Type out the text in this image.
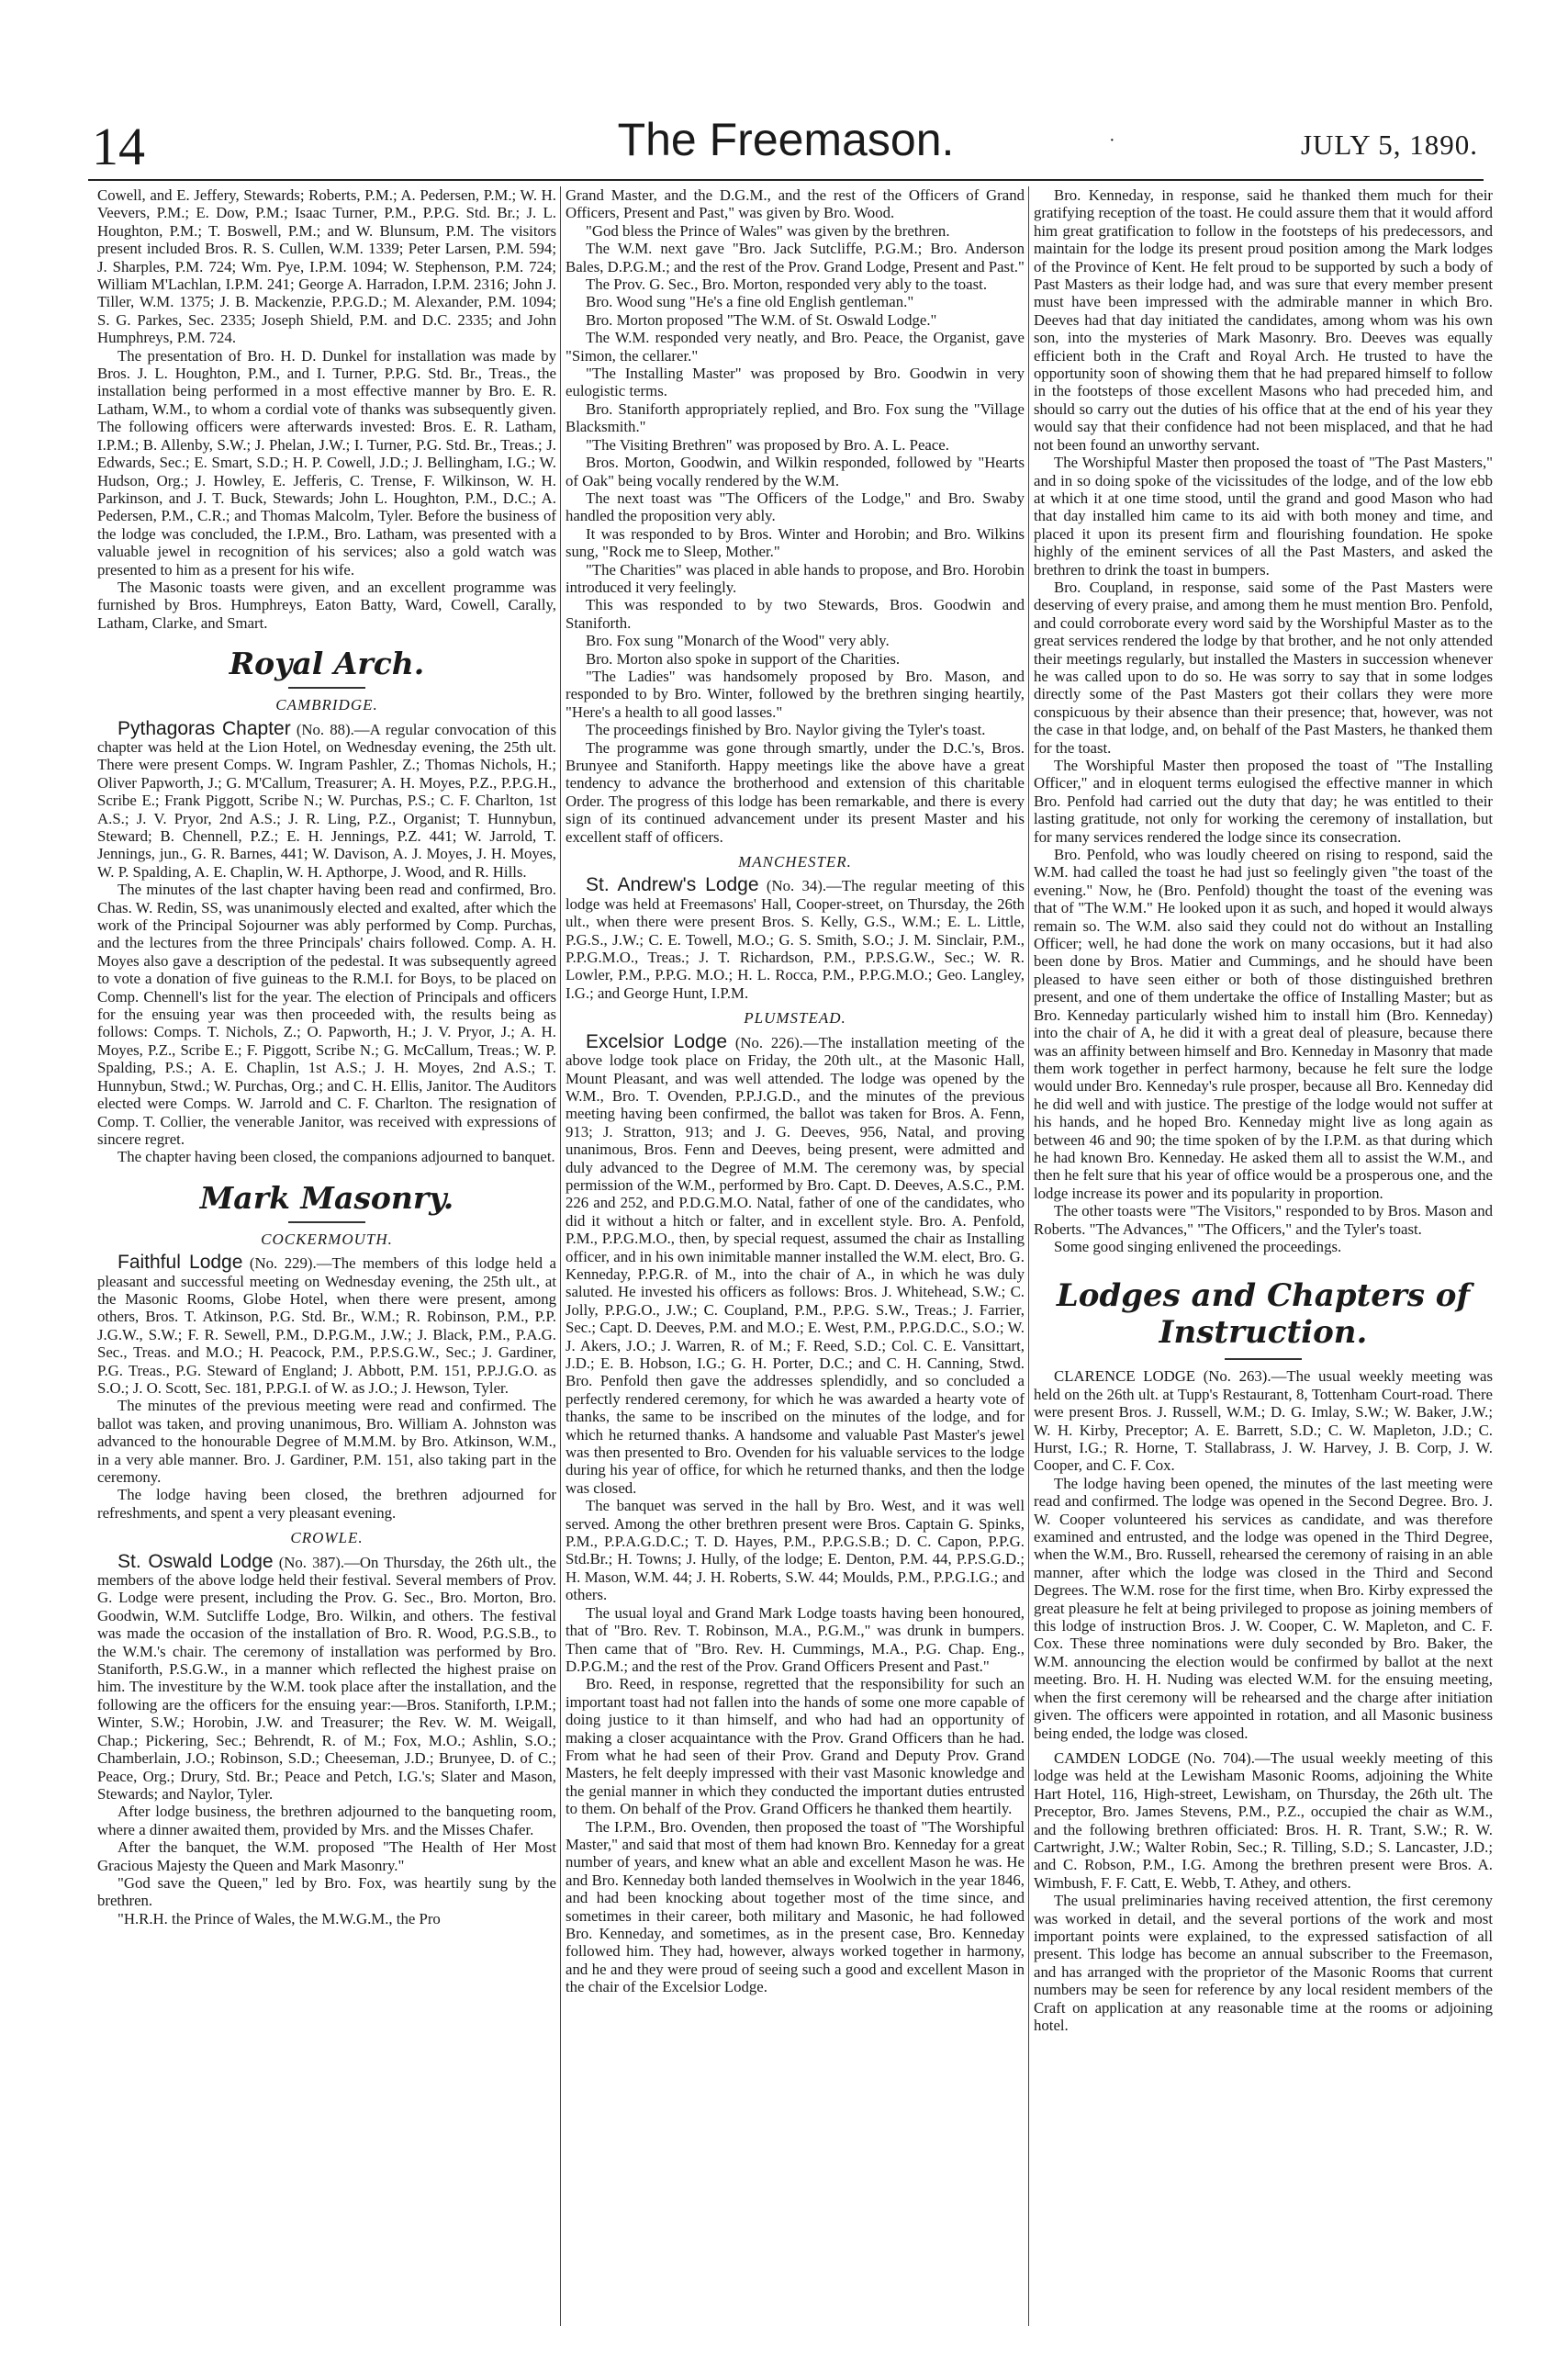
14	The Freemason.	·	JULY 5, 1890.

Cowell, and E. Jeffery, Stewards; Roberts, P.M.; A. Pedersen, P.M.; W. H. Veevers, P.M.; E. Dow, P.M.; Isaac Turner, P.M., P.P.G. Std. Br.; J. L. Houghton, P.M.; T. Boswell, P.M.; and W. Blunsum, P.M. The visitors present included Bros. R. S. Cullen, W.M. 1339; Peter Larsen, P.M. 594; J. Sharples, P.M. 724; Wm. Pye, I.P.M. 1094; W. Stephenson, P.M. 724; William M'Lachlan, I.P.M. 241; George A. Harradon, I.P.M. 2316; John J. Tiller, W.M. 1375; J. B. Mackenzie, P.P.G.D.; M. Alexander, P.M. 1094; S. G. Parkes, Sec. 2335; Joseph Shield, P.M. and D.C. 2335; and John Humphreys, P.M. 724.

The presentation of Bro. H. D. Dunkel for installation was made by Bros. J. L. Houghton, P.M., and I. Turner, P.P.G. Std. Br., Treas., the installation being performed in a most effective manner by Bro. E. R. Latham, W.M., to whom a cordial vote of thanks was subsequently given. The following officers were afterwards invested: Bros. E. R. Latham, I.P.M.; B. Allenby, S.W.; J. Phelan, J.W.; I. Turner, P.G. Std. Br., Treas.; J. Edwards, Sec.; E. Smart, S.D.; H. P. Cowell, J.D.; J. Bellingham, I.G.; W. Hudson, Org.; J. Howley, E. Jefferis, C. Trense, F. Wilkinson, W. H. Parkinson, and J. T. Buck, Stewards; John L. Houghton, P.M., D.C.; A. Pedersen, P.M., C.R.; and Thomas Malcolm, Tyler. Before the business of the lodge was concluded, the I.P.M., Bro. Latham, was presented with a valuable jewel in recognition of his services; also a gold watch was presented to him as a present for his wife.

The Masonic toasts were given, and an excellent programme was furnished by Bros. Humphreys, Eaton Batty, Ward, Cowell, Carally, Latham, Clarke, and Smart.

Royal Arch.
CAMBRIDGE.

Pythagoras Chapter (No. 88).—A regular convocation of this chapter was held at the Lion Hotel, on Wednesday evening, the 25th ult. There were present Comps. W. Ingram Pashler, Z.; Thomas Nichols, H.; Oliver Papworth, J.; G. M'Callum, Treasurer; A. H. Moyes, P.Z., P.P.G.H., Scribe E.; Frank Piggott, Scribe N.; W. Purchas, P.S.; C. F. Charlton, 1st A.S.; J. V. Pryor, 2nd A.S.; J. R. Ling, P.Z., Organist; T. Hunnybun, Steward; B. Chennell, P.Z.; E. H. Jennings, P.Z. 441; W. Jarrold, T. Jennings, jun., G. R. Barnes, 441; W. Davison, A. J. Moyes, J. H. Moyes, W. P. Spalding, A. E. Chaplin, W. H. Apthorpe, J. Wood, and R. Hills.

The minutes of the last chapter having been read and confirmed, Bro. Chas. W. Redin, SS, was unanimously elected and exalted, after which the work of the Principal Sojourner was ably performed by Comp. Purchas, and the lectures from the three Principals' chairs followed. Comp. A. H. Moyes also gave a description of the pedestal. It was subsequently agreed to vote a donation of five guineas to the R.M.I. for Boys, to be placed on Comp. Chennell's list for the year. The election of Principals and officers for the ensuing year was then proceeded with, the results being as follows: Comps. T. Nichols, Z.; O. Papworth, H.; J. V. Pryor, J.; A. H. Moyes, P.Z., Scribe E.; F. Piggott, Scribe N.; G. McCallum, Treas.; W. P. Spalding, P.S.; A. E. Chaplin, 1st A.S.; J. H. Moyes, 2nd A.S.; T. Hunnybun, Stwd.; W. Purchas, Org.; and C. H. Ellis, Janitor. The Auditors elected were Comps. W. Jarrold and C. F. Charlton. The resignation of Comp. T. Collier, the venerable Janitor, was received with expressions of sincere regret.

The chapter having been closed, the companions adjourned to banquet.

Mark Masonry.
COCKERMOUTH.

Faithful Lodge (No. 229).—The members of this lodge held a pleasant and successful meeting on Wednesday evening, the 25th ult., at the Masonic Rooms, Globe Hotel, when there were present, among others, Bros. T. Atkinson, P.G. Std. Br., W.M.; R. Robinson, P.M., P.P. J.G.W., S.W.; F. R. Sewell, P.M., D.P.G.M., J.W.; J. Black, P.M., P.A.G. Sec., Treas. and M.O.; H. Peacock, P.M., P.P.S.G.W., Sec.; J. Gardiner, P.G. Treas., P.G. Steward of England; J. Abbott, P.M. 151, P.P.J.G.O. as S.O.; J. O. Scott, Sec. 181, P.P.G.I. of W. as J.O.; J. Hewson, Tyler.

The minutes of the previous meeting were read and confirmed. The ballot was taken, and proving unanimous, Bro. William A. Johnston was advanced to the honourable Degree of M.M.M. by Bro. Atkinson, W.M., in a very able manner. Bro. J. Gardiner, P.M. 151, also taking part in the ceremony.

The lodge having been closed, the brethren adjourned for refreshments, and spent a very pleasant evening.

CROWLE.

St. Oswald Lodge (No. 387).—On Thursday, the 26th ult., the members of the above lodge held their festival. Several members of Prov. G. Lodge were present, including the Prov. G. Sec., Bro. Morton, Bro. Goodwin, W.M. Sutcliffe Lodge, Bro. Wilkin, and others. The festival was made the occasion of the installation of Bro. R. Wood, P.G.S.B., to the W.M.'s chair. The ceremony of installation was performed by Bro. Staniforth, P.S.G.W., in a manner which reflected the highest praise on him. The investiture by the W.M. took place after the installation, and the following are the officers for the ensuing year:—Bros. Staniforth, I.P.M.; Winter, S.W.; Horobin, J.W. and Treasurer; the Rev. W. M. Weigall, Chap.; Pickering, Sec.; Behrendt, R. of M.; Fox, M.O.; Ashlin, S.O.; Chamberlain, J.O.; Robinson, S.D.; Cheeseman, J.D.; Brunyee, D. of C.; Peace, Org.; Drury, Std. Br.; Peace and Petch, I.G.'s; Slater and Mason, Stewards; and Naylor, Tyler.

After lodge business, the brethren adjourned to the banqueting room, where a dinner awaited them, provided by Mrs. and the Misses Chafer.

After the banquet, the W.M. proposed "The Health of Her Most Gracious Majesty the Queen and Mark Masonry."

"God save the Queen," led by Bro. Fox, was heartily sung by the brethren.

"H.R.H. the Prince of Wales, the M.W.G.M., the Pro

Grand Master, and the D.G.M., and the rest of the Officers of Grand Officers, Present and Past," was given by Bro. Wood.

"God bless the Prince of Wales" was given by the brethren.

The W.M. next gave "Bro. Jack Sutcliffe, P.G.M.; Bro. Anderson Bales, D.P.G.M.; and the rest of the Prov. Grand Lodge, Present and Past."

The Prov. G. Sec., Bro. Morton, responded very ably to the toast.

Bro. Wood sung "He's a fine old English gentleman."

Bro. Morton proposed "The W.M. of St. Oswald Lodge."

The W.M. responded very neatly, and Bro. Peace, the Organist, gave "Simon, the cellarer."

"The Installing Master" was proposed by Bro. Goodwin in very eulogistic terms.

Bro. Staniforth appropriately replied, and Bro. Fox sung the "Village Blacksmith."

"The Visiting Brethren" was proposed by Bro. A. L. Peace.

Bros. Morton, Goodwin, and Wilkin responded, followed by "Hearts of Oak" being vocally rendered by the W.M.

The next toast was "The Officers of the Lodge," and Bro. Swaby handled the proposition very ably.

It was responded to by Bros. Winter and Horobin; and Bro. Wilkins sung, "Rock me to Sleep, Mother."

"The Charities" was placed in able hands to propose, and Bro. Horobin introduced it very feelingly.

This was responded to by two Stewards, Bros. Goodwin and Staniforth.

Bro. Fox sung "Monarch of the Wood" very ably.

Bro. Morton also spoke in support of the Charities.

"The Ladies" was handsomely proposed by Bro. Mason, and responded to by Bro. Winter, followed by the brethren singing heartily, "Here's a health to all good lasses."

The proceedings finished by Bro. Naylor giving the Tyler's toast.

The programme was gone through smartly, under the D.C.'s, Bros. Brunyee and Staniforth. Happy meetings like the above have a great tendency to advance the brotherhood and extension of this charitable Order. The progress of this lodge has been remarkable, and there is every sign of its continued advancement under its present Master and his excellent staff of officers.

MANCHESTER.

St. Andrew's Lodge (No. 34).—The regular meeting of this lodge was held at Freemasons' Hall, Cooper-street, on Thursday, the 26th ult., when there were present Bros. S. Kelly, G.S., W.M.; E. L. Little, P.G.S., J.W.; C. E. Towell, M.O.; G. S. Smith, S.O.; J. M. Sinclair, P.M., P.P.G.M.O., Treas.; J. T. Richardson, P.M., P.P.S.G.W., Sec.; W. R. Lowler, P.M., P.P.G. M.O.; H. L. Rocca, P.M., P.P.G.M.O.; Geo. Langley, I.G.; and George Hunt, I.P.M.

PLUMSTEAD.

Excelsior Lodge (No. 226).—The installation meeting of the above lodge took place on Friday, the 20th ult., at the Masonic Hall, Mount Pleasant, and was well attended. The lodge was opened by the W.M., Bro. T. Ovenden, P.P.J.G.D., and the minutes of the previous meeting having been confirmed, the ballot was taken for Bros. A. Fenn, 913; J. Stratton, 913; and J. G. Deeves, 956, Natal, and proving unanimous, Bros. Fenn and Deeves, being present, were admitted and duly advanced to the Degree of M.M. The ceremony was, by special permission of the W.M., performed by Bro. Capt. D. Deeves, A.S.C., P.M. 226 and 252, and P.D.G.M.O. Natal, father of one of the candidates, who did it without a hitch or falter, and in excellent style. Bro. A. Penfold, P.M., P.P.G.M.O., then, by special request, assumed the chair as Installing officer, and in his own inimitable manner installed the W.M. elect, Bro. G. Kenneday, P.P.G.R. of M., into the chair of A., in which he was duly saluted. He invested his officers as follows: Bros. J. Whitehead, S.W.; C. Jolly, P.P.G.O., J.W.; C. Coupland, P.M., P.P.G. S.W., Treas.; J. Farrier, Sec.; Capt. D. Deeves, P.M. and M.O.; E. West, P.M., P.P.G.D.C., S.O.; W. J. Akers, J.O.; J. Warren, R. of M.; F. Reed, S.D.; Col. C. E. Vansittart, J.D.; E. B. Hobson, I.G.; G. H. Porter, D.C.; and C. H. Canning, Stwd. Bro. Penfold then gave the addresses splendidly, and so concluded a perfectly rendered ceremony, for which he was awarded a hearty vote of thanks, the same to be inscribed on the minutes of the lodge, and for which he returned thanks. A handsome and valuable Past Master's jewel was then presented to Bro. Ovenden for his valuable services to the lodge during his year of office, for which he returned thanks, and then the lodge was closed.

The banquet was served in the hall by Bro. West, and it was well served. Among the other brethren present were Bros. Captain G. Spinks, P.M., P.P.A.G.D.C.; T. D. Hayes, P.M., P.P.G.S.B.; D. C. Capon, P.P.G. Std.Br.; H. Towns; J. Hully, of the lodge; E. Denton, P.M. 44, P.P.S.G.D.; H. Mason, W.M. 44; J. H. Roberts, S.W. 44; Moulds, P.M., P.P.G.I.G.; and others.

The usual loyal and Grand Mark Lodge toasts having been honoured, that of "Bro. Rev. T. Robinson, M.A., P.G.M.," was drunk in bumpers. Then came that of "Bro. Rev. H. Cummings, M.A., P.G. Chap. Eng., D.P.G.M.; and the rest of the Prov. Grand Officers Present and Past."

Bro. Reed, in response, regretted that the responsibility for such an important toast had not fallen into the hands of some one more capable of doing justice to it than himself, and who had had an opportunity of making a closer acquaintance with the Prov. Grand Officers than he had. From what he had seen of their Prov. Grand and Deputy Prov. Grand Masters, he felt deeply impressed with their vast Masonic knowledge and the genial manner in which they conducted the important duties entrusted to them. On behalf of the Prov. Grand Officers he thanked them heartily.

The I.P.M., Bro. Ovenden, then proposed the toast of "The Worshipful Master," and said that most of them had known Bro. Kenneday for a great number of years, and knew what an able and excellent Mason he was. He and Bro. Kenneday both landed themselves in Woolwich in the year 1846, and had been knocking about together most of the time since, and sometimes in their career, both military and Masonic, he had followed Bro. Kenneday, and sometimes, as in the present case, Bro. Kenneday followed him. They had, however, always worked together in harmony, and he and they were proud of seeing such a good and excellent Mason in the chair of the Excelsior Lodge.

Bro. Kenneday, in response, said he thanked them much for their gratifying reception of the toast. He could assure them that it would afford him great gratification to follow in the footsteps of his predecessors, and maintain for the lodge its present proud position among the Mark lodges of the Province of Kent. He felt proud to be supported by such a body of Past Masters as their lodge had, and was sure that every member present must have been impressed with the admirable manner in which Bro. Deeves had that day initiated the candidates, among whom was his own son, into the mysteries of Mark Masonry. Bro. Deeves was equally efficient both in the Craft and Royal Arch. He trusted to have the opportunity soon of showing them that he had prepared himself to follow in the footsteps of those excellent Masons who had preceded him, and should so carry out the duties of his office that at the end of his year they would say that their confidence had not been misplaced, and that he had not been found an unworthy servant.

The Worshipful Master then proposed the toast of "The Past Masters," and in so doing spoke of the vicissitudes of the lodge, and of the low ebb at which it at one time stood, until the grand and good Mason who had that day installed him came to its aid with both money and time, and placed it upon its present firm and flourishing foundation. He spoke highly of the eminent services of all the Past Masters, and asked the brethren to drink the toast in bumpers.

Bro. Coupland, in response, said some of the Past Masters were deserving of every praise, and among them he must mention Bro. Penfold, and could corroborate every word said by the Worshipful Master as to the great services rendered the lodge by that brother, and he not only attended their meetings regularly, but installed the Masters in succession whenever he was called upon to do so. He was sorry to say that in some lodges directly some of the Past Masters got their collars they were more conspicuous by their absence than their presence; that, however, was not the case in that lodge, and, on behalf of the Past Masters, he thanked them for the toast.

The Worshipful Master then proposed the toast of "The Installing Officer," and in eloquent terms eulogised the effective manner in which Bro. Penfold had carried out the duty that day; he was entitled to their lasting gratitude, not only for working the ceremony of installation, but for many services rendered the lodge since its consecration.

Bro. Penfold, who was loudly cheered on rising to respond, said the W.M. had called the toast he had just so feelingly given "the toast of the evening." Now, he (Bro. Penfold) thought the toast of the evening was that of "The W.M." He looked upon it as such, and hoped it would always remain so. The W.M. also said they could not do without an Installing Officer; well, he had done the work on many occasions, but it had also been done by Bros. Matier and Cummings, and he should have been pleased to have seen either or both of those distinguished brethren present, and one of them undertake the office of Installing Master; but as Bro. Kenneday particularly wished him to install him (Bro. Kenneday) into the chair of A, he did it with a great deal of pleasure, because there was an affinity between himself and Bro. Kenneday in Masonry that made them work together in perfect harmony, because he felt sure the lodge would under Bro. Kenneday's rule prosper, because all Bro. Kenneday did he did well and with justice. The prestige of the lodge would not suffer at his hands, and he hoped Bro. Kenneday might live as long again as between 46 and 90; the time spoken of by the I.P.M. as that during which he had known Bro. Kenneday. He asked them all to assist the W.M., and then he felt sure that his year of office would be a prosperous one, and the lodge increase its power and its popularity in proportion.

The other toasts were "The Visitors," responded to by Bros. Mason and Roberts. "The Advances," "The Officers," and the Tyler's toast.

Some good singing enlivened the proceedings.

Lodges and Chapters of
Instruction.

CLARENCE LODGE (No. 263).—The usual weekly meeting was held on the 26th ult. at Tupp's Restaurant, 8, Tottenham Court-road. There were present Bros. J. Russell, W.M.; D. G. Imlay, S.W.; W. Baker, J.W.; W. H. Kirby, Preceptor; A. E. Barrett, S.D.; C. W. Mapleton, J.D.; C. Hurst, I.G.; R. Horne, T. Stallabrass, J. W. Harvey, J. B. Corp, J. W. Cooper, and C. F. Cox.

The lodge having been opened, the minutes of the last meeting were read and confirmed. The lodge was opened in the Second Degree. Bro. J. W. Cooper volunteered his services as candidate, and was therefore examined and entrusted, and the lodge was opened in the Third Degree, when the W.M., Bro. Russell, rehearsed the ceremony of raising in an able manner, after which the lodge was closed in the Third and Second Degrees. The W.M. rose for the first time, when Bro. Kirby expressed the great pleasure he felt at being privileged to propose as joining members of this lodge of instruction Bros. J. W. Cooper, C. W. Mapleton, and C. F. Cox. These three nominations were duly seconded by Bro. Baker, the W.M. announcing the election would be confirmed by ballot at the next meeting. Bro. H. H. Nuding was elected W.M. for the ensuing meeting, when the first ceremony will be rehearsed and the charge after initiation given. The officers were appointed in rotation, and all Masonic business being ended, the lodge was closed.

CAMDEN LODGE (No. 704).—The usual weekly meeting of this lodge was held at the Lewisham Masonic Rooms, adjoining the White Hart Hotel, 116, High-street, Lewisham, on Thursday, the 26th ult. The Preceptor, Bro. James Stevens, P.M., P.Z., occupied the chair as W.M., and the following brethren officiated: Bros. H. R. Trant, S.W.; R. W. Cartwright, J.W.; Walter Robin, Sec.; R. Tilling, S.D.; S. Lancaster, J.D.; and C. Robson, P.M., I.G. Among the brethren present were Bros. A. Wimbush, F. F. Catt, E. Webb, T. Athey, and others.

The usual preliminaries having received attention, the first ceremony was worked in detail, and the several portions of the work and most important points were explained, to the expressed satisfaction of all present. This lodge has become an annual subscriber to the Freemason, and has arranged with the proprietor of the Masonic Rooms that current numbers may be seen for reference by any local resident members of the Craft on application at any reasonable time at the rooms or adjoining hotel.
